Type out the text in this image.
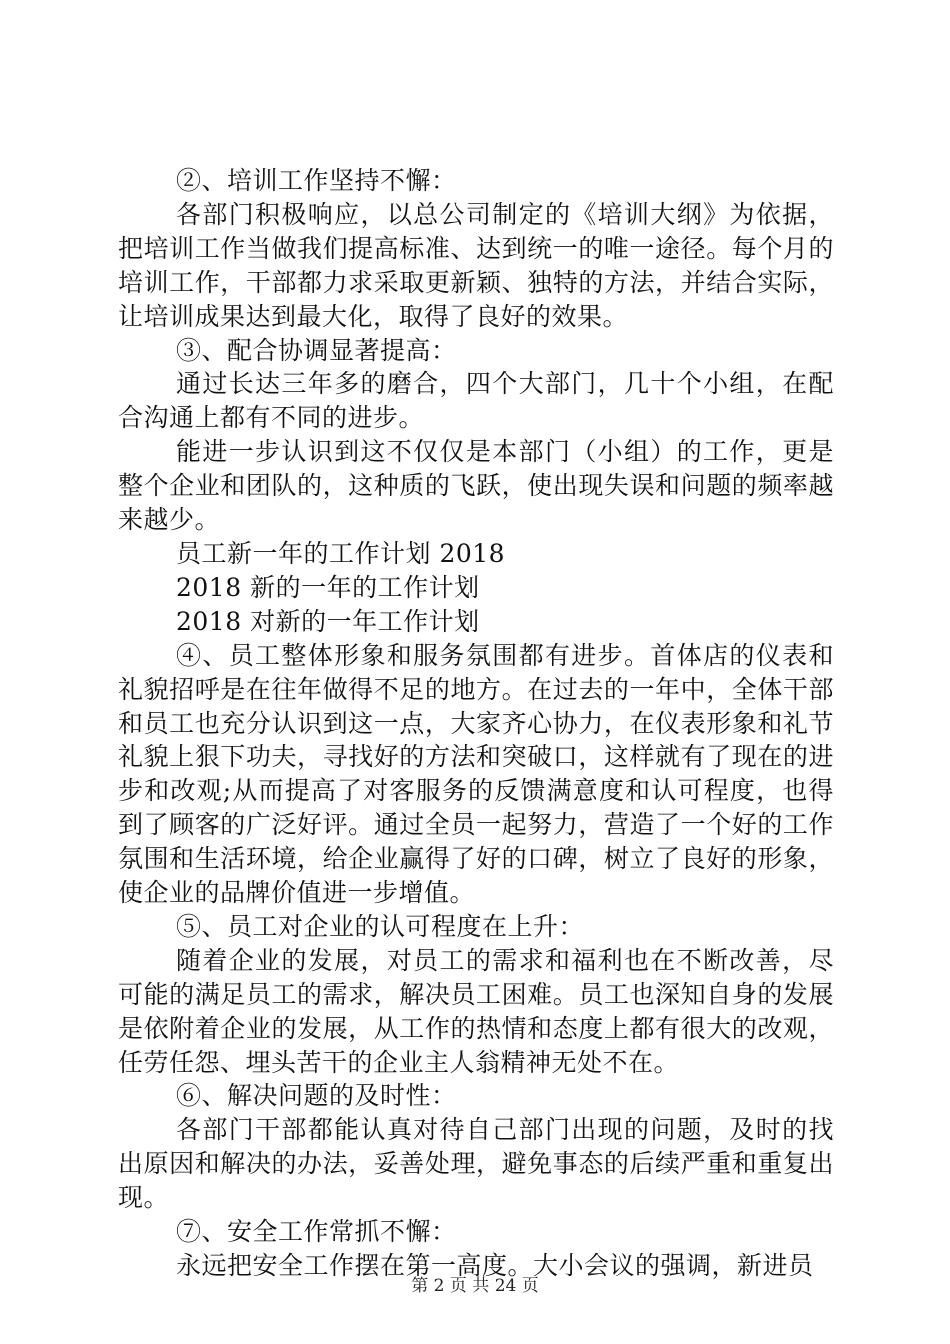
②、培训工作坚持不懈：

各部门积极响应，以总公司制定的《培训大纲》为依据，把培训工作当做我们提高标准、达到统一的唯一途径。每个月的培训工作，干部都力求采取更新颖、独特的方法，并结合实际，让培训成果达到最大化，取得了良好的效果。

③、配合协调显著提高：

通过长达三年多的磨合，四个大部门，几十个小组，在配合沟通上都有不同的进步。

能进一步认识到这不仅仅是本部门（小组）的工作，更是整个企业和团队的，这种质的飞跃，使出现失误和问题的频率越来越少。

员工新一年的工作计划 2018

2018 新的一年的工作计划

2018 对新的一年工作计划

④、员工整体形象和服务氛围都有进步。首体店的仪表和礼貌招呼是在往年做得不足的地方。在过去的一年中，全体干部和员工也充分认识到这一点，大家齐心协力，在仪表形象和礼节礼貌上狠下功夫，寻找好的方法和突破口，这样就有了现在的进步和改观;从而提高了对客服务的反馈满意度和认可程度，也得到了顾客的广泛好评。通过全员一起努力，营造了一个好的工作氛围和生活环境，给企业赢得了好的口碑，树立了良好的形象，使企业的品牌价值进一步增值。

⑤、员工对企业的认可程度在上升：

随着企业的发展，对员工的需求和福利也在不断改善，尽可能的满足员工的需求，解决员工困难。员工也深知自身的发展是依附着企业的发展，从工作的热情和态度上都有很大的改观，任劳任怨、埋头苦干的企业主人翁精神无处不在。

⑥、解决问题的及时性：

各部门干部都能认真对待自己部门出现的问题，及时的找出原因和解决的办法，妥善处理，避免事态的后续严重和重复出现。

⑦、安全工作常抓不懈：

永远把安全工作摆在第一高度。大小会议的强调，新进员

第 2 页 共 24 页
